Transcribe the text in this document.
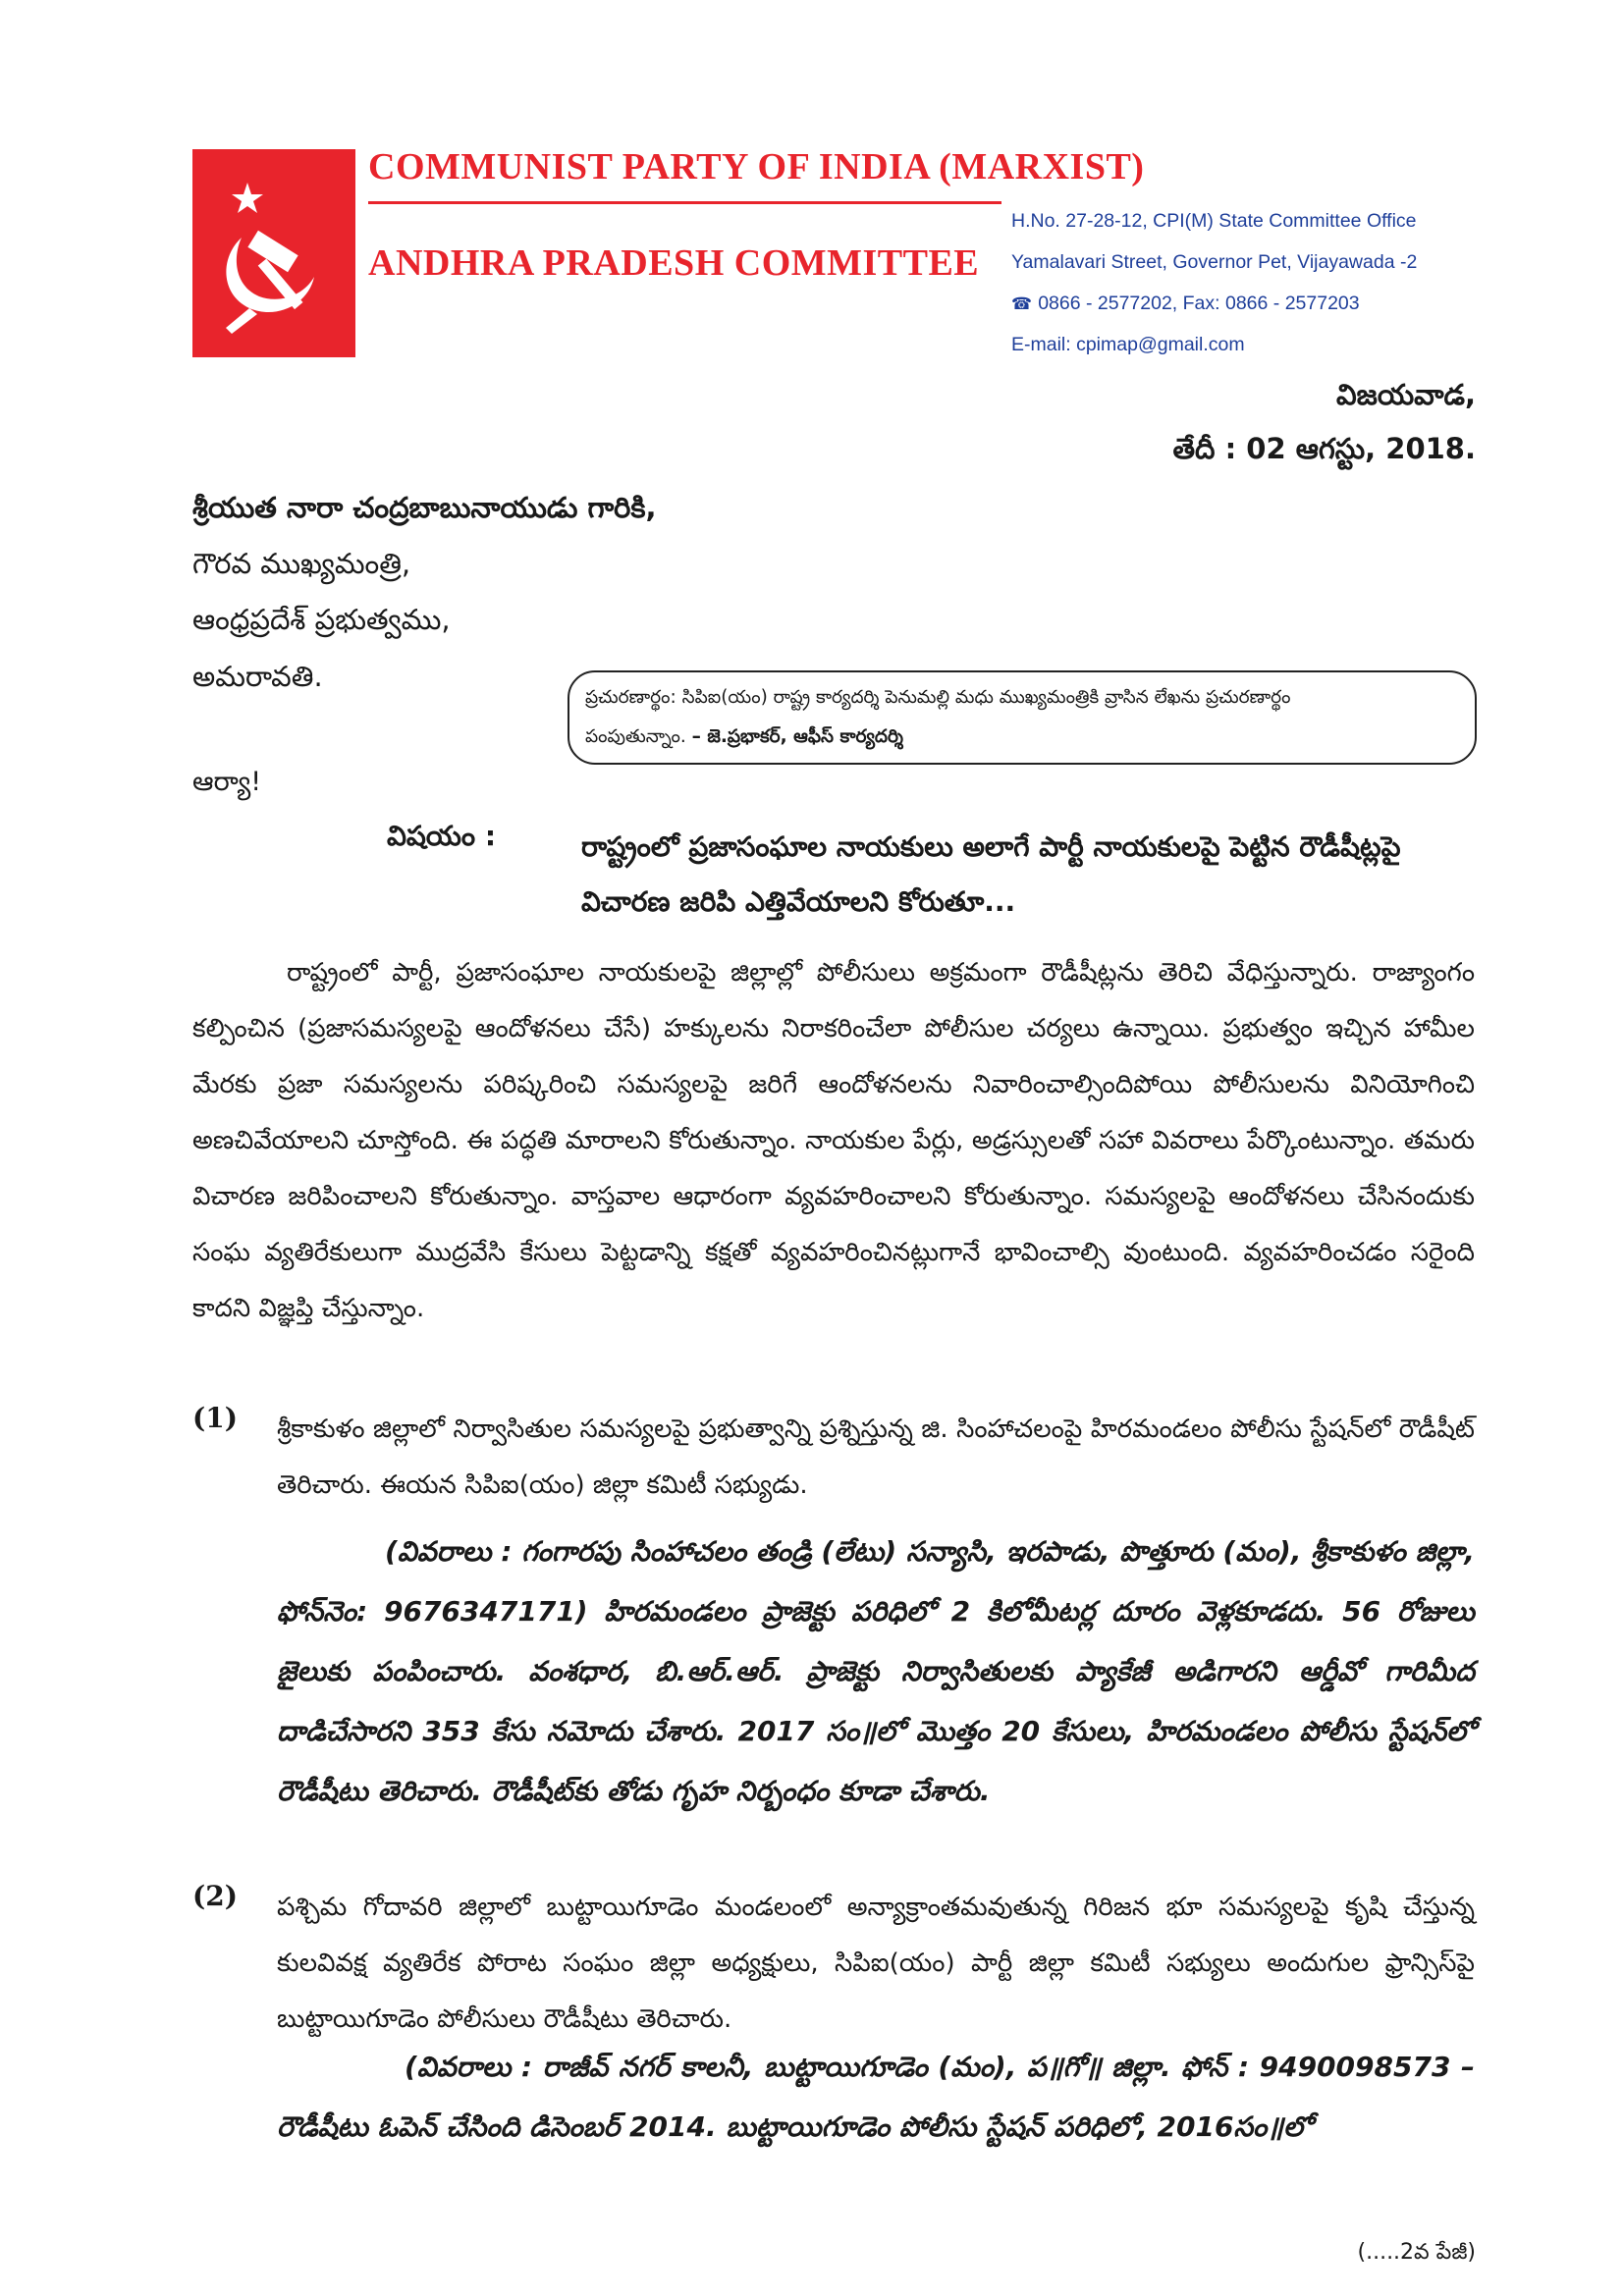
COMMUNIST PARTY OF INDIA (MARXIST)
ANDHRA PRADESH COMMITTEE
H.No. 27-28-12, CPI(M) State Committee Office
Yamalavari Street, Governor Pet, Vijayawada -2
☎ 0866 - 2577202, Fax: 0866 - 2577203
E-mail: cpimap@gmail.com
విజయవాడ,
తేదీ : 02 ఆగస్టు, 2018.
శ్రీయుత నారా చంద్రబాబునాయుడు గారికి,
గౌరవ ముఖ్యమంత్రి,
ఆంధ్రప్రదేశ్ ప్రభుత్వము,
అమరావతి.
ప్రచురణార్థం: సిపిఐ(యం) రాష్ట్ర కార్యదర్శి పెనుమల్లి మధు ముఖ్యమంత్రికి వ్రాసిన లేఖను ప్రచురణార్థం
పంపుతున్నాం. – జె.ప్రభాకర్, ఆఫీస్ కార్యదర్శి
ఆర్యా!
విషయం :	రాష్ట్రంలో ప్రజాసంఘాల నాయకులు అలాగే పార్టీ నాయకులపై పెట్టిన రౌడీషీట్లపై విచారణ జరిపి ఎత్తివేయాలని కోరుతూ...
రాష్ట్రంలో పార్టీ, ప్రజాసంఘాల నాయకులపై జిల్లాల్లో పోలీసులు అక్రమంగా రౌడీషీట్లను తెరిచి వేధిస్తున్నారు. రాజ్యాంగం కల్పించిన (ప్రజాసమస్యలపై ఆందోళనలు చేసే) హక్కులను నిరాకరించేలా పోలీసుల చర్యలు ఉన్నాయి. ప్రభుత్వం ఇచ్చిన హామీల మేరకు ప్రజా సమస్యలను పరిష్కరించి సమస్యలపై జరిగే ఆందోళనలను నివారించాల్సిందిపోయి పోలీసులను వినియోగించి అణచివేయాలని చూస్తోంది. ఈ పద్ధతి మారాలని కోరుతున్నాం. నాయకుల పేర్లు, అడ్రస్సులతో సహా వివరాలు పేర్కొంటున్నాం. తమరు విచారణ జరిపించాలని కోరుతున్నాం. వాస్తవాల ఆధారంగా వ్యవహరించాలని కోరుతున్నాం. సమస్యలపై ఆందోళనలు చేసినందుకు సంఘ వ్యతిరేకులుగా ముద్రవేసి కేసులు పెట్టడాన్ని కక్షతో వ్యవహరించినట్లుగానే భావించాల్సి వుంటుంది. వ్యవహరించడం సరైంది కాదని విజ్ఞప్తి చేస్తున్నాం.
(1) శ్రీకాకుళం జిల్లాలో నిర్వాసితుల సమస్యలపై ప్రభుత్వాన్ని ప్రశ్నిస్తున్న జి. సింహాచలంపై హిరమండలం పోలీసు స్టేషన్‌లో రౌడీషీట్ తెరిచారు. ఈయన సిపిఐ(యం) జిల్లా కమిటీ సభ్యుడు.
(వివరాలు : గంగారపు సింహాచలం తండ్రి (లేటు) సన్యాసి, ఇరపాడు, పొత్తూరు (మం), శ్రీకాకుళం జిల్లా, ఫోన్‌నెం: 9676347171) హిరమండలం ప్రాజెక్టు పరిధిలో 2 కిలోమీటర్ల దూరం వెళ్లకూడదు. 56 రోజులు జైలుకు పంపించారు. వంశధార, బి.ఆర్.ఆర్. ప్రాజెక్టు నిర్వాసితులకు ప్యాకేజీ అడిగారని ఆర్డీవో గారిమీద దాడిచేసారని 353 కేసు నమోదు చేశారు. 2017 సం॥లో మొత్తం 20 కేసులు, హిరమండలం పోలీసు స్టేషన్‌లో రౌడీషీటు తెరిచారు. రౌడీషీట్‌కు తోడు గృహ నిర్బంధం కూడా చేశారు.
(2) పశ్చిమ గోదావరి జిల్లాలో బుట్టాయిగూడెం మండలంలో అన్యాక్రాంతమవుతున్న గిరిజన భూ సమస్యలపై కృషి చేస్తున్న కులవివక్ష వ్యతిరేక పోరాట సంఘం జిల్లా అధ్యక్షులు, సిపిఐ(యం) పార్టీ జిల్లా కమిటీ సభ్యులు అందుగుల ఫ్రాన్సిస్‌పై బుట్టాయిగూడెం పోలీసులు రౌడీషీటు తెరిచారు.
(వివరాలు : రాజీవ్ నగర్ కాలనీ, బుట్టాయిగూడెం (మం), ప॥గో॥ జిల్లా. ఫోన్ : 9490098573 – రౌడీషీటు ఓపెన్ చేసింది డిసెంబర్ 2014. బుట్టాయిగూడెం పోలీసు స్టేషన్ పరిధిలో, 2016సం॥లో
(.....2వ పేజీ)
